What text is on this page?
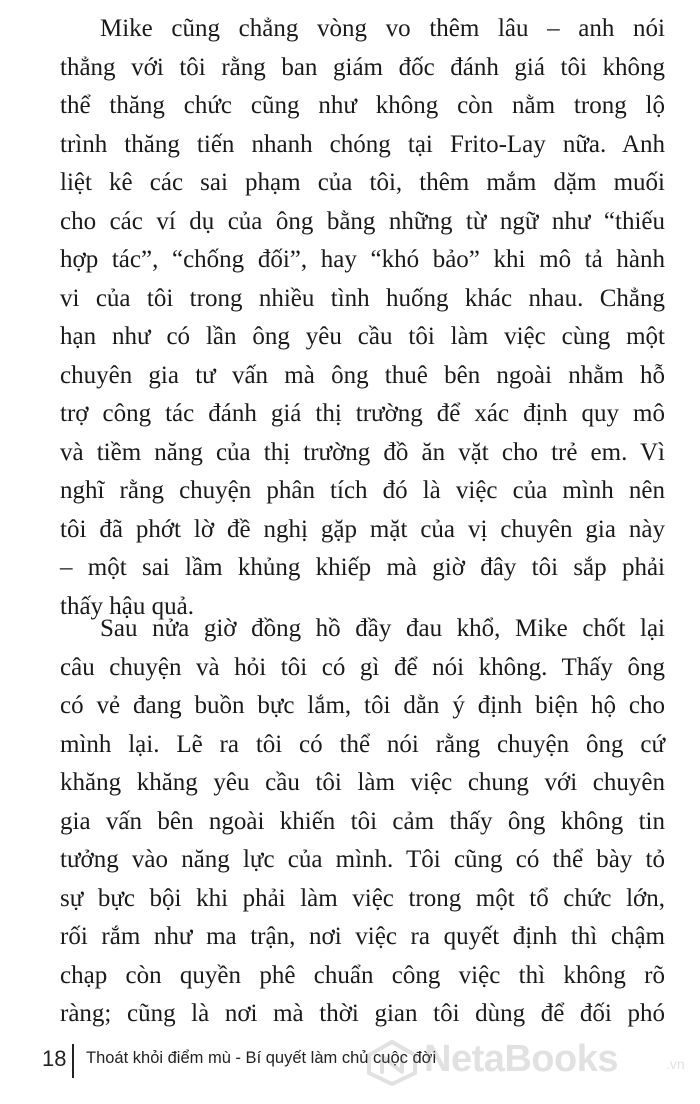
Mike cũng chẳng vòng vo thêm lâu – anh nói
thẳng với tôi rằng ban giám đốc đánh giá tôi không
thể thăng chức cũng như không còn nằm trong lộ
trình thăng tiến nhanh chóng tại Frito-Lay nữa. Anh
liệt kê các sai phạm của tôi, thêm mắm dặm muối
cho các ví dụ của ông bằng những từ ngữ như “thiếu
hợp tác”, “chống đối”, hay “khó bảo” khi mô tả hành
vi của tôi trong nhiều tình huống khác nhau. Chẳng
hạn như có lần ông yêu cầu tôi làm việc cùng một
chuyên gia tư vấn mà ông thuê bên ngoài nhằm hỗ
trợ công tác đánh giá thị trường để xác định quy mô
và tiềm năng của thị trường đồ ăn vặt cho trẻ em. Vì
nghĩ rằng chuyện phân tích đó là việc của mình nên
tôi đã phớt lờ đề nghị gặp mặt của vị chuyên gia này
– một sai lầm khủng khiếp mà giờ đây tôi sắp phải
thấy hậu quả.

Sau nửa giờ đồng hồ đầy đau khổ, Mike chốt lại
câu chuyện và hỏi tôi có gì để nói không. Thấy ông
có vẻ đang buồn bực lắm, tôi dằn ý định biện hộ cho
mình lại. Lẽ ra tôi có thể nói rằng chuyện ông cứ
khăng khăng yêu cầu tôi làm việc chung với chuyên
gia vấn bên ngoài khiến tôi cảm thấy ông không tin
tưởng vào năng lực của mình. Tôi cũng có thể bày tỏ
sự bực bội khi phải làm việc trong một tổ chức lớn,
rối rắm như ma trận, nơi việc ra quyết định thì chậm
chạp còn quyền phê chuẩn công việc thì không rõ
ràng; cũng là nơi mà thời gian tôi dùng để đối phó

18 Thoát khỏi điểm mù - Bí quyết làm chủ cuộc đời
NetaBooks	.vn
